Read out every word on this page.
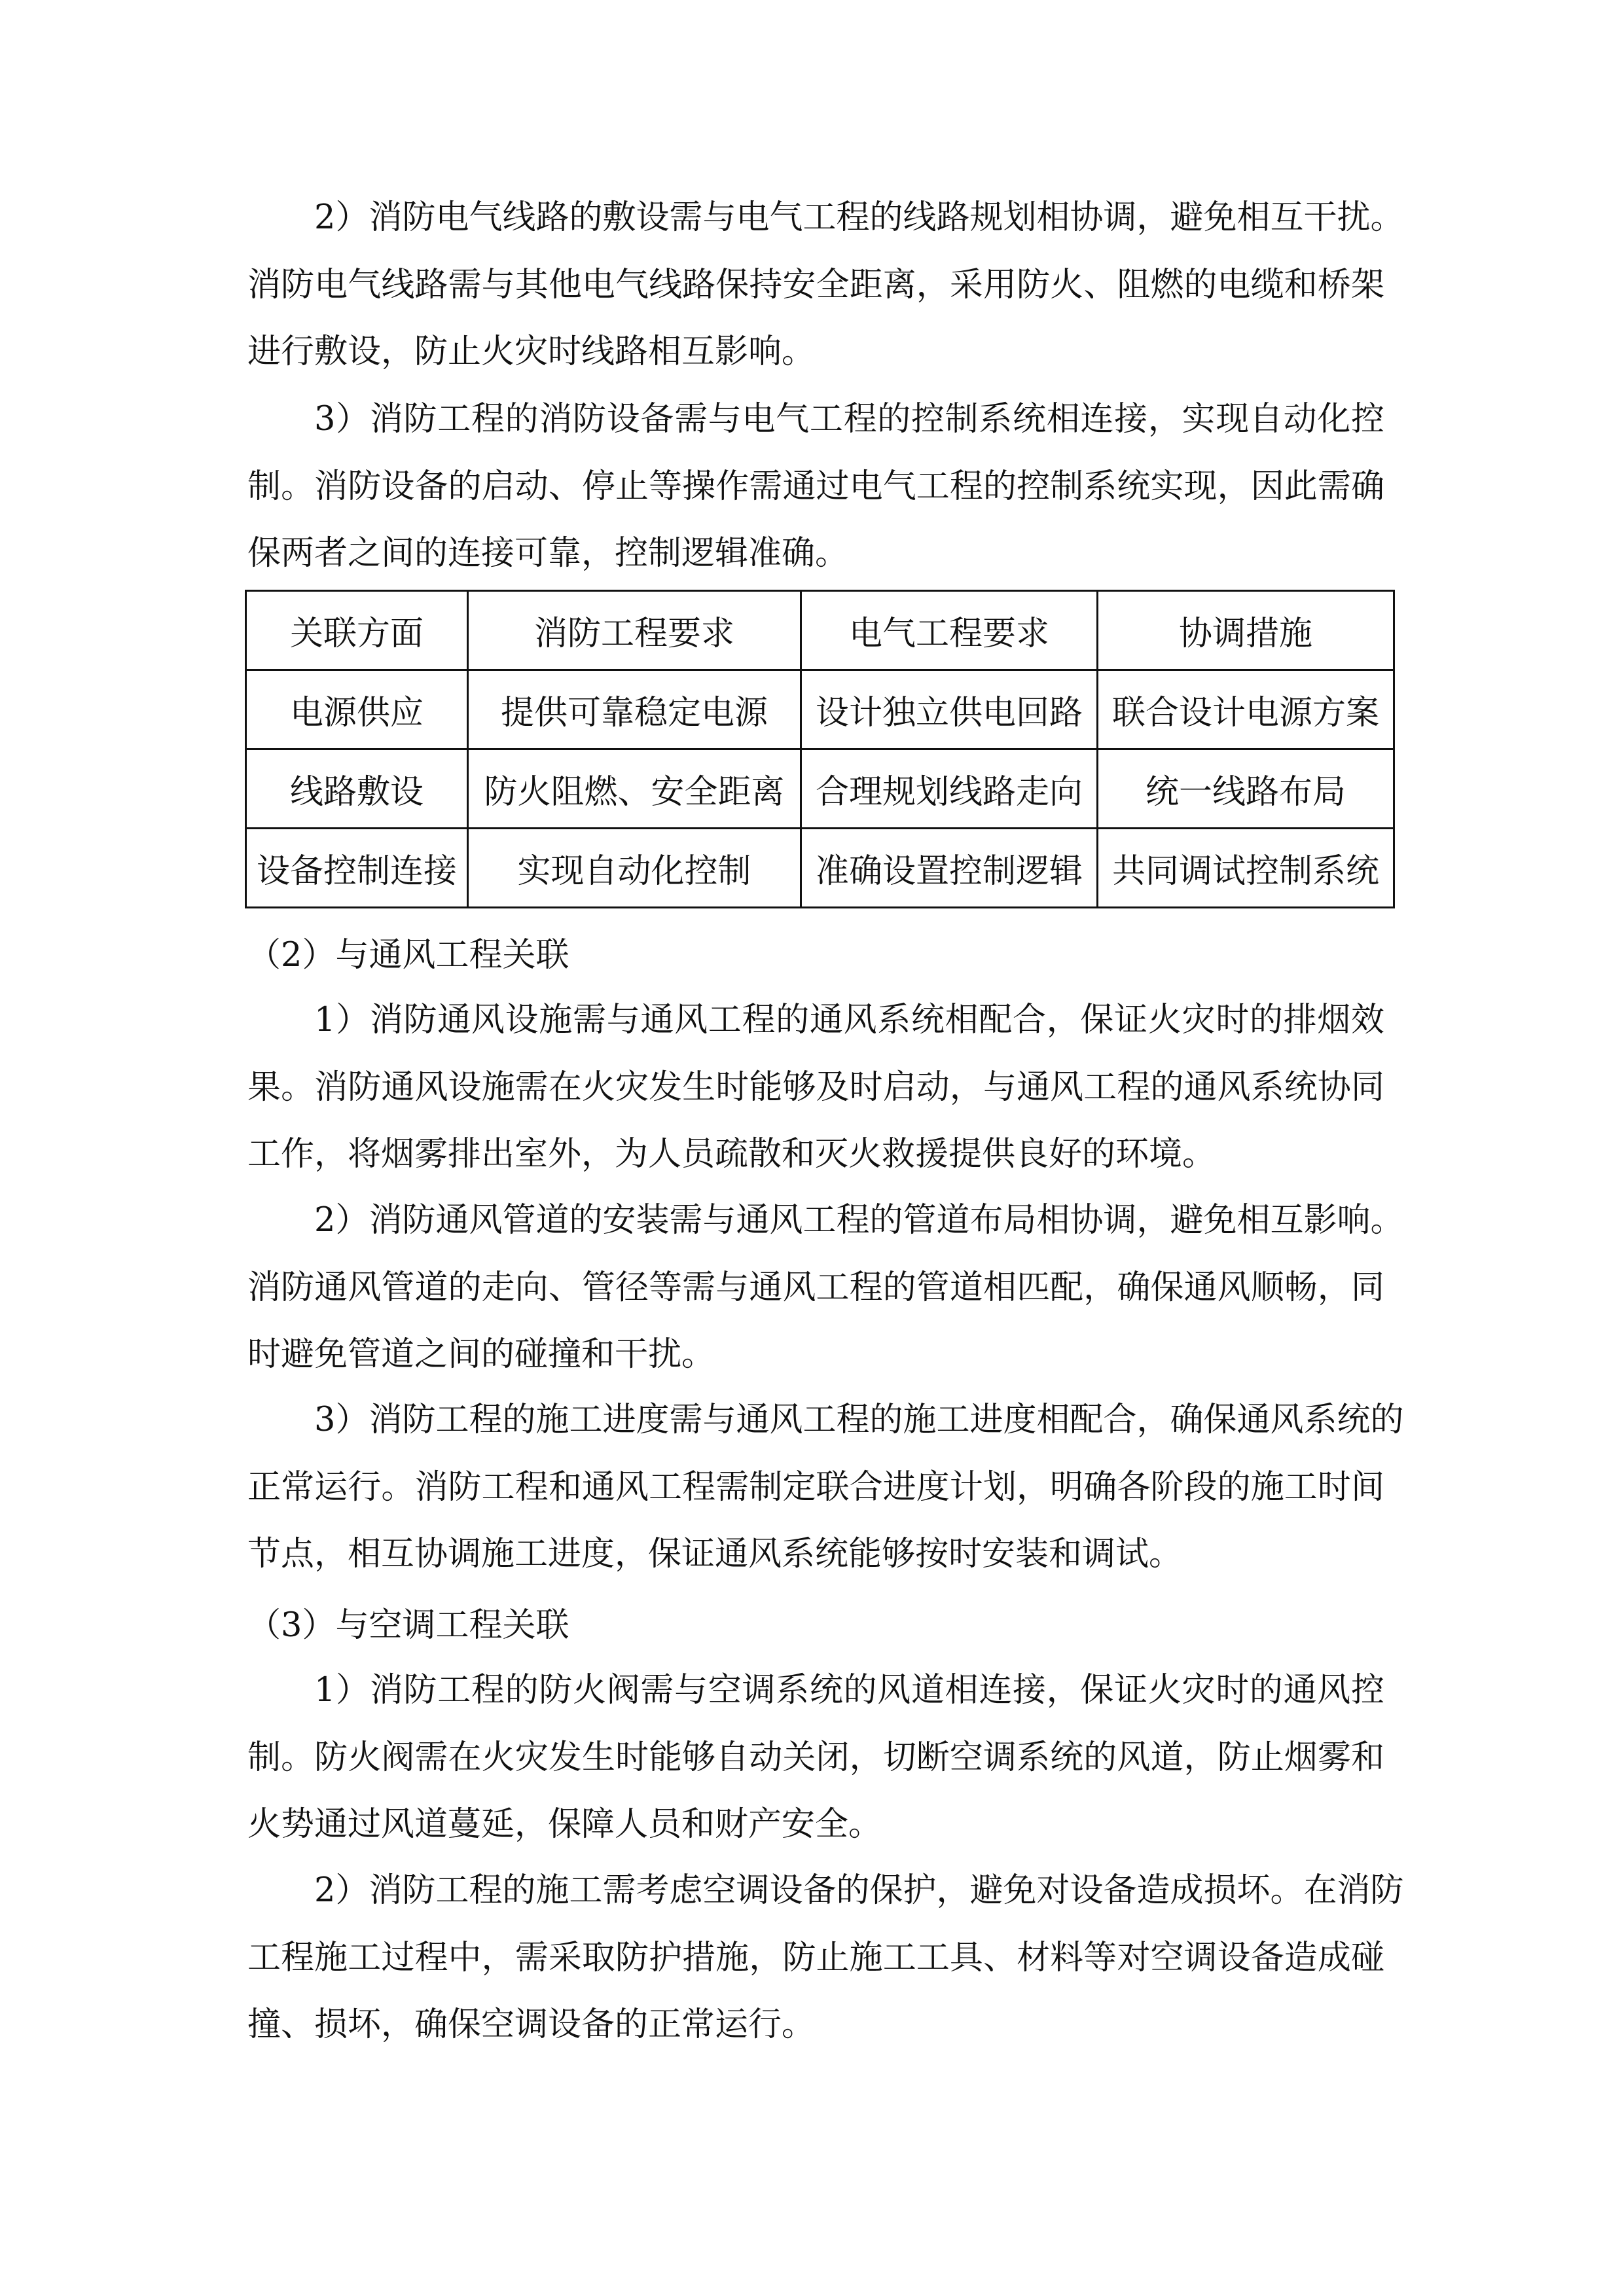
2）消防电气线路的敷设需与电气工程的线路规划相协调，避免相互干扰。
消防电气线路需与其他电气线路保持安全距离，采用防火、阻燃的电缆和桥架
进行敷设，防止火灾时线路相互影响。
3）消防工程的消防设备需与电气工程的控制系统相连接，实现自动化控
制。消防设备的启动、停止等操作需通过电气工程的控制系统实现，因此需确
保两者之间的连接可靠，控制逻辑准确。
关联方面	消防工程要求	电气工程要求	协调措施
电源供应	提供可靠稳定电源	设计独立供电回路	联合设计电源方案
线路敷设	防火阻燃、安全距离	合理规划线路走向	统一线路布局
设备控制连接	实现自动化控制	准确设置控制逻辑	共同调试控制系统
（2）与通风工程关联
1）消防通风设施需与通风工程的通风系统相配合，保证火灾时的排烟效
果。消防通风设施需在火灾发生时能够及时启动，与通风工程的通风系统协同
工作，将烟雾排出室外，为人员疏散和灭火救援提供良好的环境。
2）消防通风管道的安装需与通风工程的管道布局相协调，避免相互影响。
消防通风管道的走向、管径等需与通风工程的管道相匹配，确保通风顺畅，同
时避免管道之间的碰撞和干扰。
3）消防工程的施工进度需与通风工程的施工进度相配合，确保通风系统的
正常运行。消防工程和通风工程需制定联合进度计划，明确各阶段的施工时间
节点，相互协调施工进度，保证通风系统能够按时安装和调试。
（3）与空调工程关联
1）消防工程的防火阀需与空调系统的风道相连接，保证火灾时的通风控
制。防火阀需在火灾发生时能够自动关闭，切断空调系统的风道，防止烟雾和
火势通过风道蔓延，保障人员和财产安全。
2）消防工程的施工需考虑空调设备的保护，避免对设备造成损坏。在消防
工程施工过程中，需采取防护措施，防止施工工具、材料等对空调设备造成碰
撞、损坏，确保空调设备的正常运行。
